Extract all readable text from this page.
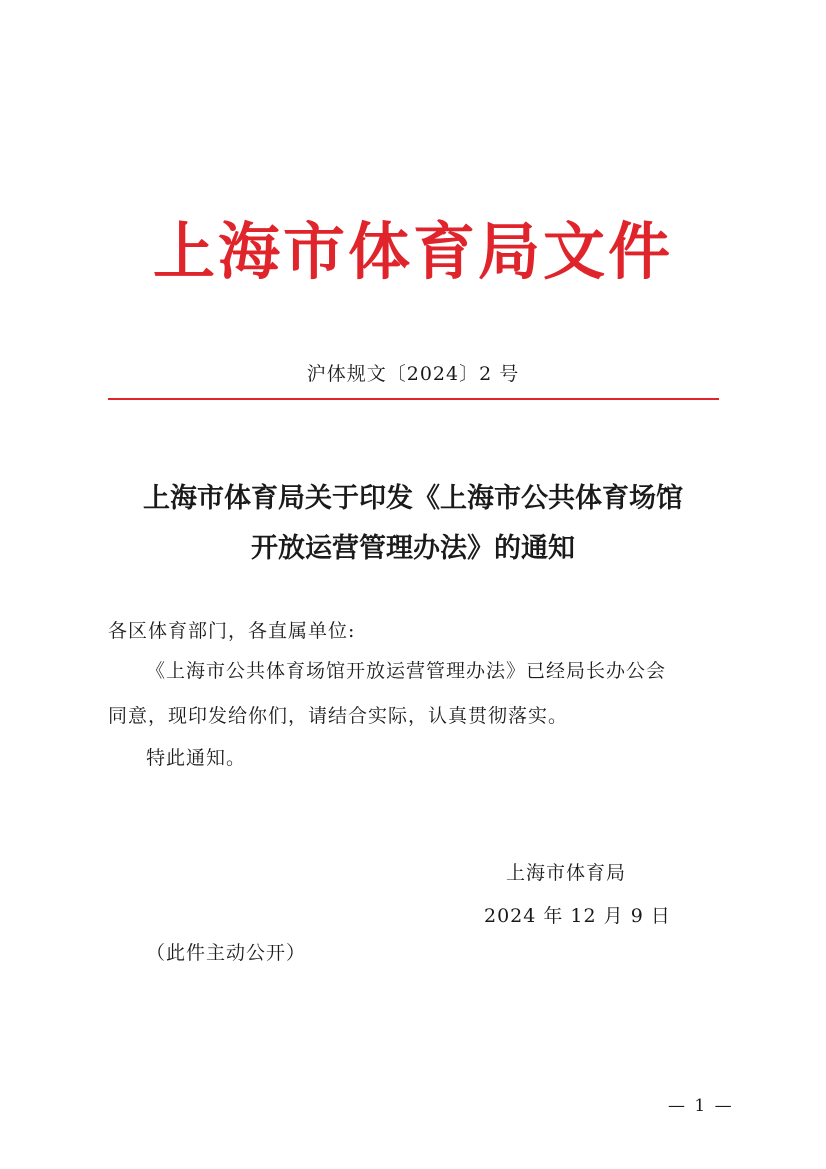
上海市体育局文件
沪体规文〔2024〕2 号
上海市体育局关于印发《上海市公共体育场馆
开放运营管理办法》的通知
各区体育部门，各直属单位:
《上海市公共体育场馆开放运营管理办法》已经局长办公会
同意，现印发给你们，请结合实际，认真贯彻落实。
特此通知。
上海市体育局
2024 年 12 月 9 日
（此件主动公开）
— 1 —
